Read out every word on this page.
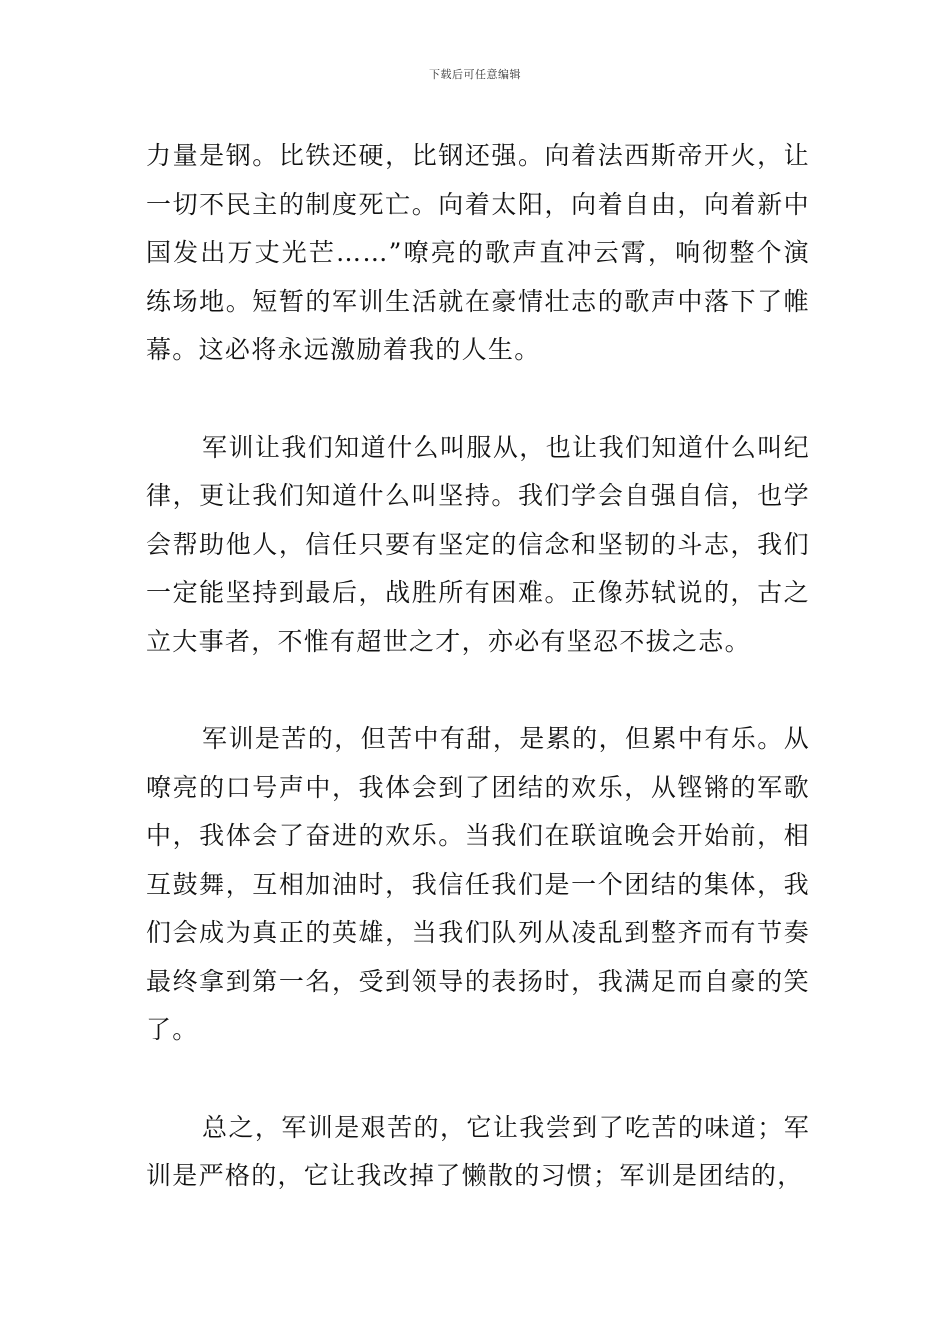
下载后可任意编辑

力量是钢。比铁还硬，比钢还强。向着法西斯帝开火，让一切不民主的制度死亡。向着太阳，向着自由，向着新中国发出万丈光芒……”嘹亮的歌声直冲云霄，响彻整个演练场地。短暂的军训生活就在豪情壮志的歌声中落下了帷幕。这必将永远激励着我的人生。

军训让我们知道什么叫服从，也让我们知道什么叫纪律，更让我们知道什么叫坚持。我们学会自强自信，也学会帮助他人，信任只要有坚定的信念和坚韧的斗志，我们一定能坚持到最后，战胜所有困难。正像苏轼说的，古之立大事者，不惟有超世之才，亦必有坚忍不拔之志。

军训是苦的，但苦中有甜，是累的，但累中有乐。从嘹亮的口号声中，我体会到了团结的欢乐，从铿锵的军歌中，我体会了奋进的欢乐。当我们在联谊晚会开始前，相互鼓舞，互相加油时，我信任我们是一个团结的集体，我们会成为真正的英雄，当我们队列从凌乱到整齐而有节奏最终拿到第一名，受到领导的表扬时，我满足而自豪的笑了。

总之，军训是艰苦的，它让我尝到了吃苦的味道；军训是严格的，它让我改掉了懒散的习惯；军训是团结的，
